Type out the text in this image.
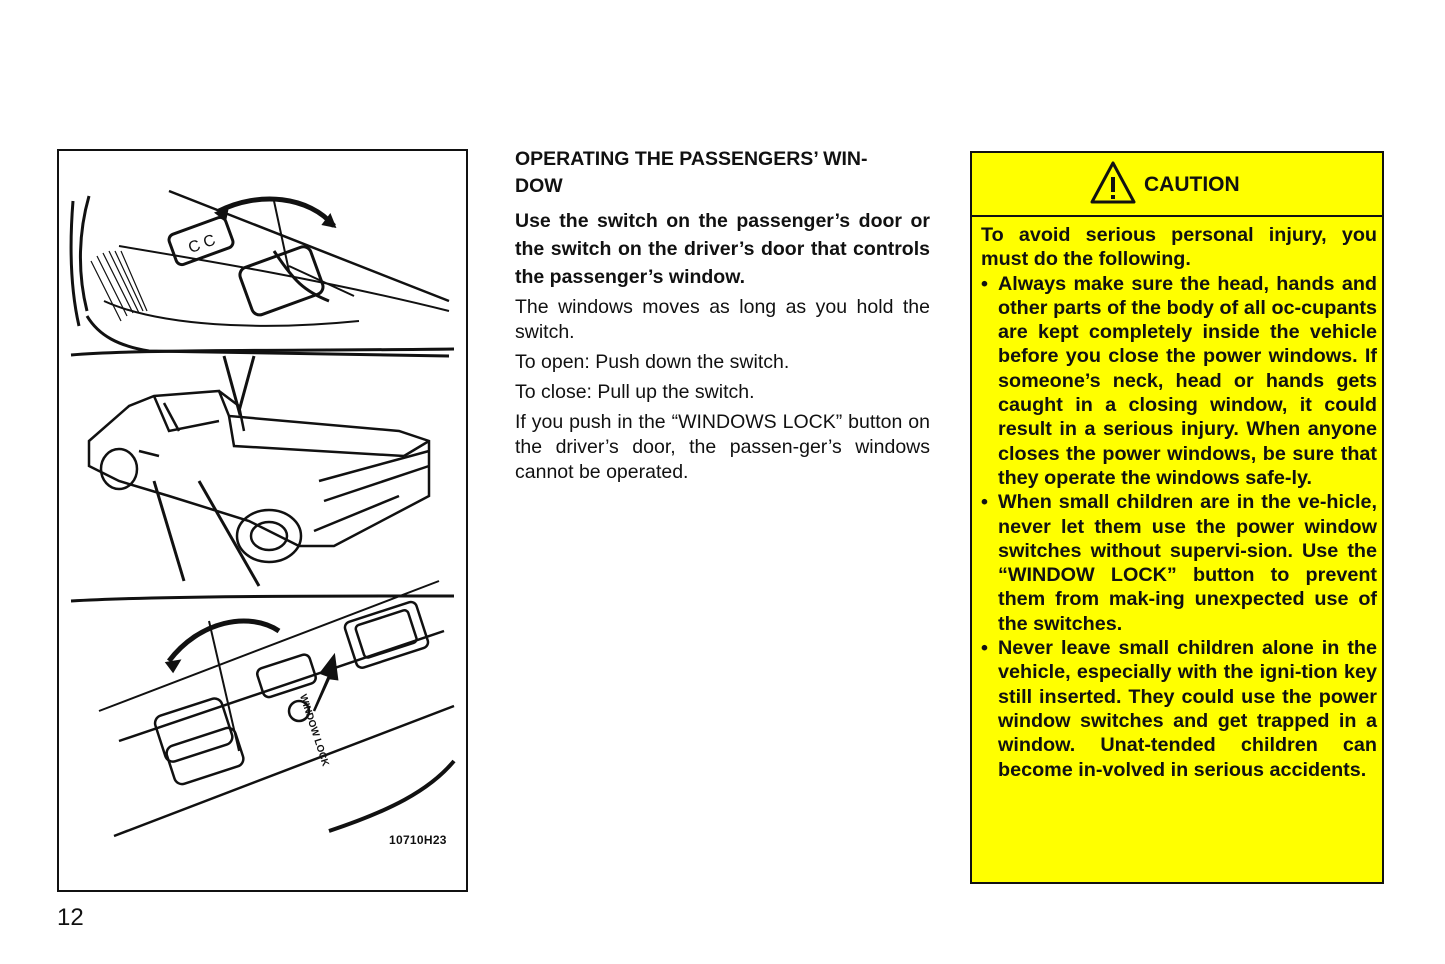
C C
WINDOW LOCK
10710H23
12
OPERATING THE PASSENGERS’ WIN-
DOW

Use the switch on the passenger’s door or the switch on the driver’s door that controls the passenger’s window.

The windows moves as long as you hold the switch.

To open: Push down the switch.

To close: Pull up the switch.

If you push in the “WINDOWS LOCK” button on the driver’s door, the passen-ger’s windows cannot be operated.

CAUTION

To avoid serious personal injury, you must do the following.

• Always make sure the head, hands and other parts of the body of all oc-cupants are kept completely inside the vehicle before you close the power windows. If someone’s neck, head or hands gets caught in a closing window, it could result in a serious injury. When anyone closes the power windows, be sure that they operate the windows safe-ly.
• When small children are in the ve-hicle, never let them use the power window switches without supervi-sion. Use the “WINDOW LOCK” button to prevent them from mak-ing unexpected use of the switches.
• Never leave small children alone in the vehicle, especially with the igni-tion key still inserted. They could use the power window switches and get trapped in a window. Unat-tended children can become in-volved in serious accidents.
